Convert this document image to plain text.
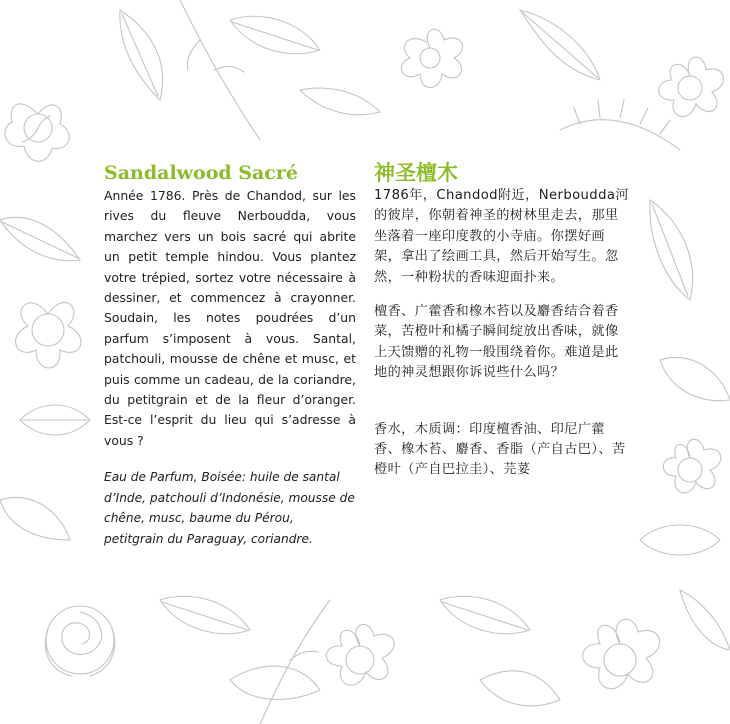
Sandalwood Sacré

Année 1786. Près de Chandod, sur les rives du fleuve Nerboudda, vous marchez vers un bois sacré qui abrite un petit temple hindou. Vous plantez votre trépied, sortez votre nécessaire à dessiner, et commencez à crayonner. Soudain, les notes poudrées d’un parfum s’imposent à vous. Santal, patchouli, mousse de chêne et musc, et puis comme un cadeau, de la coriandre, du petitgrain et de la fleur d’oranger. Est-ce l’esprit du lieu qui s’adresse à vous ?

Eau de Parfum, Boisée: huile de santal d’Inde, patchouli d’Indonésie, mousse de chêne, musc, baume du Pérou, petitgrain du Paraguay, coriandre.

神圣檀木

1786年，Chandod附近，Nerboudda河的彼岸，你朝着神圣的树林里走去，那里坐落着一座印度教的小寺庙。你摆好画架，拿出了绘画工具，然后开始写生。忽然，一种粉状的香味迎面扑来。

檀香、广藿香和橡木苔以及麝香结合着香菜，苦橙叶和橘子瞬间绽放出香味，就像上天馈赠的礼物一般围绕着你。难道是此地的神灵想跟你诉说些什么吗？

香水，木质调：印度檀香油、印尼广藿香、橡木苔、麝香、香脂（产自古巴）、苦橙叶（产自巴拉圭）、芫荽
